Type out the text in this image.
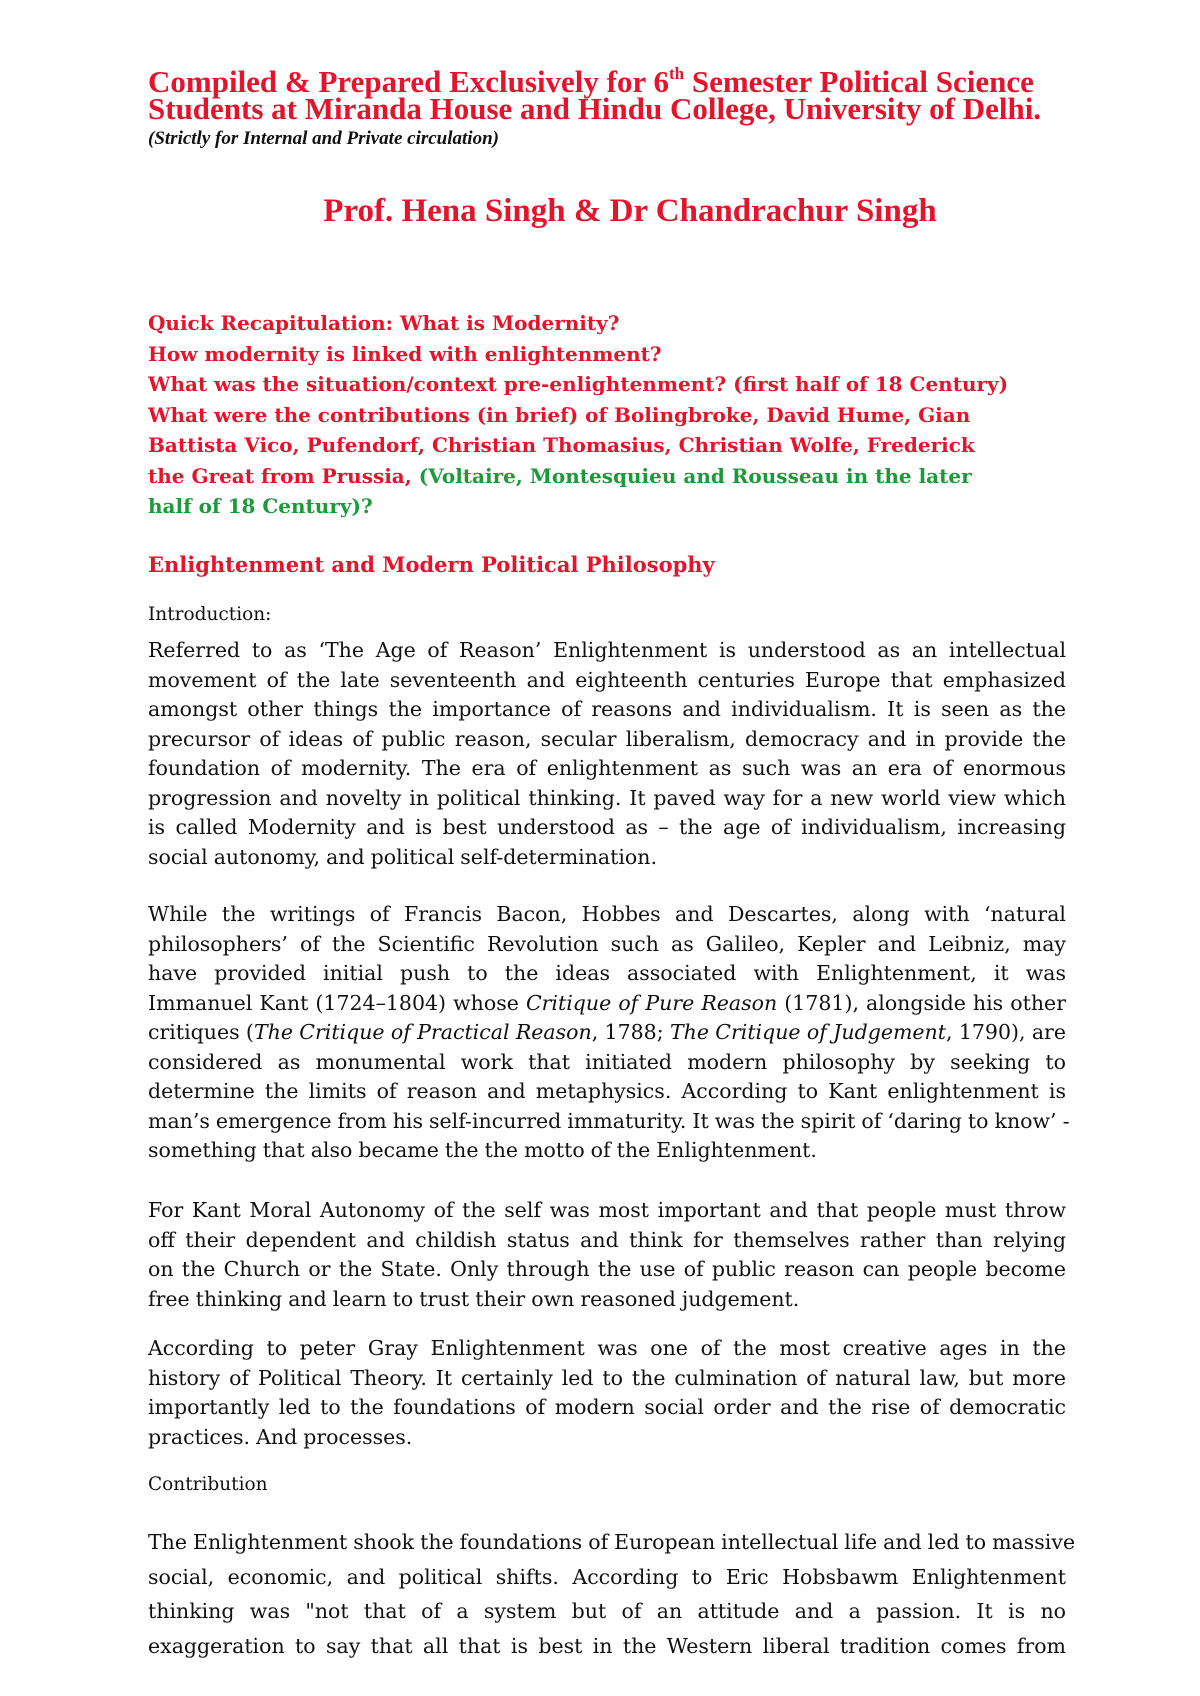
Compiled & Prepared Exclusively for 6th Semester Political Science
Students at Miranda House and Hindu College, University of Delhi.
(Strictly for Internal and Private circulation)
Prof. Hena Singh & Dr Chandrachur Singh
Quick Recapitulation: What is Modernity?
How modernity is linked with enlightenment?
What was the situation/context pre-enlightenment? (first half of 18 Century)
What were the contributions (in brief) of Bolingbroke, David Hume, Gian
Battista Vico, Pufendorf, Christian Thomasius, Christian Wolfe, Frederick
the Great from Prussia, (Voltaire, Montesquieu and Rousseau in the later
half of 18 Century)?
Enlightenment and Modern Political Philosophy
Introduction:
Referred to as ‘The Age of Reason’ Enlightenment is understood as an intellectual
movement of the late seventeenth and eighteenth centuries Europe that emphasized
amongst other things the importance of reasons and individualism. It is seen as the
precursor of ideas of public reason, secular liberalism, democracy and in provide the
foundation of modernity. The era of enlightenment as such was an era of enormous
progression and novelty in political thinking. It paved way for a new world view which
is called Modernity and is best understood as – the age of individualism, increasing
social autonomy, and political self-determination.
While the writings of Francis Bacon, Hobbes and Descartes, along with ‘natural
philosophers’ of the Scientific Revolution such as Galileo, Kepler and Leibniz, may
have provided initial push to the ideas associated with Enlightenment, it was
Immanuel Kant (1724–1804) whose Critique of Pure Reason (1781), alongside his other
critiques (The Critique of Practical Reason, 1788; The Critique of Judgement, 1790), are
considered as monumental work that initiated modern philosophy by seeking to
determine the limits of reason and metaphysics. According to Kant enlightenment is
man’s emergence from his self-incurred immaturity. It was the spirit of ‘daring to know’ -
something that also became the the motto of the Enlightenment.
For Kant Moral Autonomy of the self was most important and that people must throw
off their dependent and childish status and think for themselves rather than relying
on the Church or the State. Only through the use of public reason can people become
free thinking and learn to trust their own reasoned judgement.
According to peter Gray Enlightenment was one of the most creative ages in the
history of Political Theory. It certainly led to the culmination of natural law, but more
importantly led to the foundations of modern social order and the rise of democratic
practices. And processes.
Contribution
The Enlightenment shook the foundations of European intellectual life and led to massive
social, economic, and political shifts. According to Eric Hobsbawm Enlightenment
thinking was "not that of a system but of an attitude and a passion. It is no
exaggeration to say that all that is best in the Western liberal tradition comes from
